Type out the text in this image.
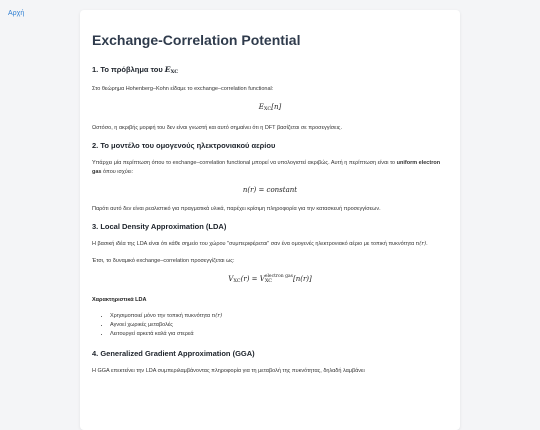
Αρχή
Exchange-Correlation Potential
1. Το πρόβλημα του $E_{XC}$

Στο θεώρημα Hohenberg–Kohn είδαμε το exchange–correlation functional:

$E_{XC}[n]$

Ωστόσο, η ακριβής μορφή του δεν είναι γνωστή και αυτό σημαίνει ότι η DFT βασίζεται σε προσεγγίσεις.

2. Το μοντέλο του ομογενούς ηλεκτρονιακού αερίου

Υπάρχει μία περίπτωση όπου το exchange–correlation functional μπορεί να υπολογιστεί ακριβώς. Αυτή η περίπτωση είναι το uniform electron gas όπου ισχύει:

n(r) = constant

Παρότι αυτό δεν είναι ρεαλιστικό για πραγματικά υλικά, παρέχει κρίσιμη πληροφορία για την κατασκευή προσεγγίσεων.

3. Local Density Approximation (LDA)

Η βασική ιδέα της LDA είναι ότι κάθε σημείο του χώρου "συμπεριφέρεται" σαν ένα ομογενές ηλεκτρονιακό αέριο με τοπική πυκνότητα n(r).

Έτσι, το δυναμικό exchange–correlation προσεγγίζεται ως:

$V_{XC}(r) = V$ electron gas
XC	[n(r)]
Χαρακτηριστικά LDA
• Χρησιμοποιεί μόνο την τοπική πυκνότητα n(r)
• Αγνοεί χωρικές μεταβολές
• Λειτουργεί αρκετά καλά για στερεά
4. Generalized Gradient Approximation (GGA)

Η GGA επεκτείνει την LDA συμπεριλαμβάνοντας πληροφορία για τη μεταβολή της πυκνότητας, δηλαδή λαμβάνει
